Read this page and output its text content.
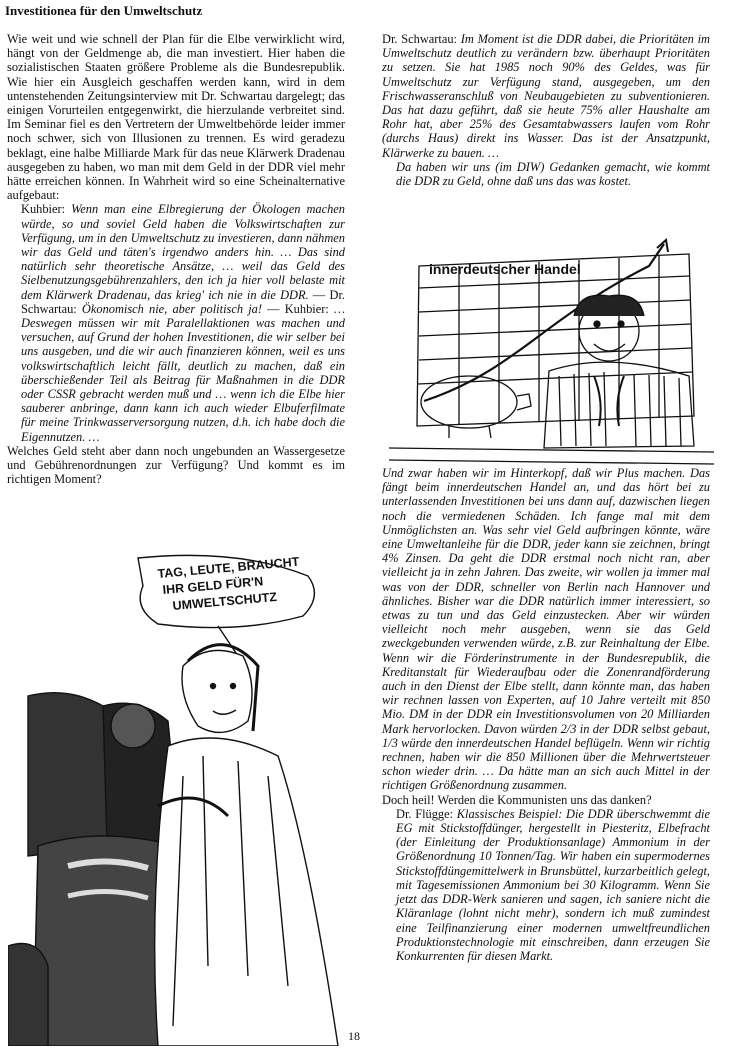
Investitionea für den Umweltschutz

Wie weit und wie schnell der Plan für die Elbe verwirklicht wird, hängt von der Geldmenge ab, die man investiert. Hier haben die sozialistischen Staaten größere Probleme als die Bundesrepublik. Wie hier ein Ausgleich geschaffen werden kann, wird in dem untenstehenden Zeitungsinterview mit Dr. Schwartau dargelegt; das einigen Vorurteilen entgegenwirkt, die hierzulande verbreitet sind. Im Seminar fiel es den Vertretern der Umweltbehörde leider immer noch schwer, sich von Illusionen zu trennen. Es wird geradezu beklagt, eine halbe Milliarde Mark für das neue Klärwerk Dradenau ausgegeben zu haben, wo man mit dem Geld in der DDR viel mehr hätte erreichen können. In Wahrheit wird so eine Scheinalternative aufgebaut:

Kuhbier: Wenn man eine Elbregierung der Ökologen machen würde, so und soviel Geld haben die Volkswirtschaften zur Verfügung, um in den Umweltschutz zu investieren, dann nähmen wir das Geld und täten's irgendwo anders hin. … Das sind natürlich sehr theoretische Ansätze, … weil das Geld des Sielbenutzungsgebührenzahlers, den ich ja hier voll belaste mit dem Klärwerk Dradenau, das krieg' ich nie in die DDR. — Dr. Schwartau: Ökonomisch nie, aber politisch ja! — Kuhbier: … Deswegen müssen wir mit Paralellaktionen was machen und versuchen, auf Grund der hohen Investitionen, die wir selber bei uns ausgeben, und die wir auch finanzieren können, weil es uns volkswirtschaftlich leicht fällt, deutlich zu machen, daß ein überschießender Teil als Beitrag für Maßnahmen in die DDR oder CSSR gebracht werden muß und … wenn ich die Elbe hier sauberer anbringe, dann kann ich auch wieder Elbuferfilmate für meine Trinkwasserversorgung nutzen, d.h. ich habe doch die Eigennutzen. …

Welches Geld steht aber dann noch ungebunden an Wassergesetze und Gebührenordnungen zur Verfügung? Und kommt es im richtigen Moment?

Dr. Schwartau: Im Moment ist die DDR dabei, die Prioritäten im Umweltschutz deutlich zu verändern bzw. überhaupt Prioritäten zu setzen. Sie hat 1985 noch 90% des Geldes, was für Umweltschutz zur Verfügung stand, ausgegeben, um den Frischwasseranschluß von Neubaugebieten zu subventionieren. Das hat dazu geführt, daß sie heute 75% aller Haushalte am Rohr hat, aber 25% des Gesamtabwassers laufen vom Rohr (durchs Haus) direkt ins Wasser. Das ist der Ansatzpunkt, Klärwerke zu bauen. …

Da haben wir uns (im DIW) Gedanken gemacht, wie kommt die DDR zu Geld, ohne daß uns das was kostet.

innerdeutscher Handel

Und zwar haben wir im Hinterkopf, daß wir Plus machen. Das fängt beim innerdeutschen Handel an, und das hört bei zu unterlassenden Investitionen bei uns dann auf, dazwischen liegen noch die vermiedenen Schäden. Ich fange mal mit dem Unmöglichsten an. Was sehr viel Geld aufbringen könnte, wäre eine Umweltanleihe für die DDR, jeder kann sie zeichnen, bringt 4% Zinsen. Da geht die DDR erstmal noch nicht ran, aber vielleicht ja in zehn Jahren. Das zweite, wir wollen ja immer mal was von der DDR, schneller von Berlin nach Hannover und ähnliches. Bisher war die DDR natürlich immer interessiert, so etwas zu tun und das Geld einzustecken. Aber wir würden vielleicht noch mehr ausgeben, wenn sie das Geld zweckgebunden verwenden würde, z.B. zur Reinhaltung der Elbe. Wenn wir die Förderinstrumente in der Bundesrepublik, die Kreditanstalt für Wiederaufbau oder die Zonenrandförderung auch in den Dienst der Elbe stellt, dann könnte man, das haben wir rechnen lassen von Experten, auf 10 Jahre verteilt mit 850 Mio. DM in der DDR ein Investitionsvolumen von 20 Milliarden Mark hervorlocken. Davon würden 2/3 in der DDR selbst gebaut, 1/3 würde den innerdeutschen Handel beflügeln. Wenn wir richtig rechnen, haben wir die 850 Millionen über die Mehrwertsteuer schon wieder drin. … Da hätte man an sich auch Mittel in der richtigen Größenordnung zusammen.

Doch heil! Werden die Kommunisten uns das danken?

Dr. Flügge: Klassisches Beispiel: Die DDR überschwemmt die EG mit Stickstoffdünger, hergestellt in Piesteritz, Elbefracht (der Einleitung der Produktionsanlage) Ammonium in der Größenordnung 10 Tonnen/Tag. Wir haben ein supermodernes Stickstoffdüngemittelwerk in Brunsbüttel, kurzarbeitlich gelegt, mit Tagesemissionen Ammonium bei 30 Kilogramm. Wenn Sie jetzt das DDR-Werk sanieren und sagen, ich saniere nicht die Kläranlage (lohnt nicht mehr), sondern ich muß zumindest eine Teilfinanzierung einer modernen umweltfreundlichen Produktionstechnologie mit einschreiben, dann erzeugen Sie Konkurrenten für diesen Markt.

TAG, LEUTE, BRAUCHT
IHR GELD FÜR'N
UMWELTSCHUTZ
18
